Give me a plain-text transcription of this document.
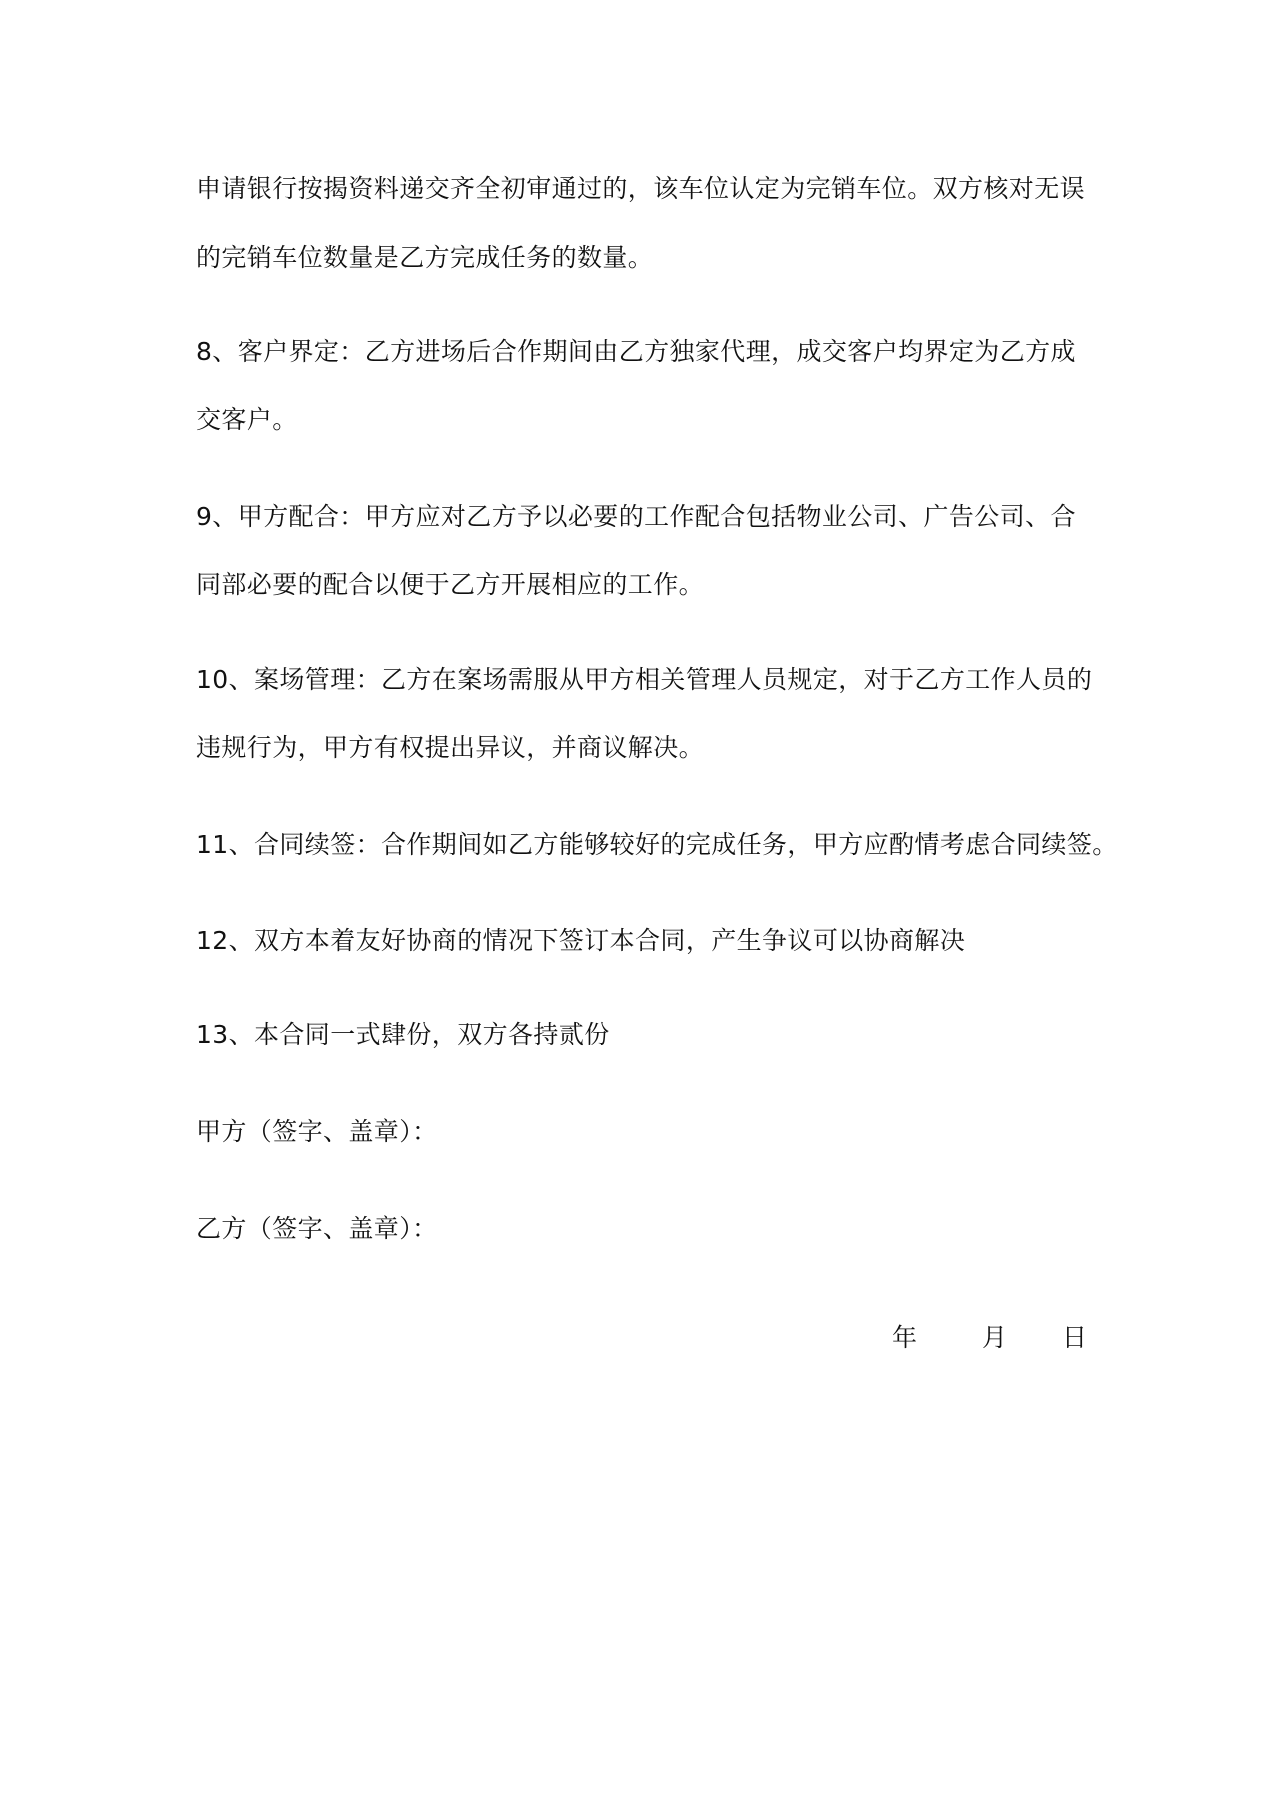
申请银行按揭资料递交齐全初审通过的，该车位认定为完销车位。双方核对无误
的完销车位数量是乙方完成任务的数量。
8、客户界定：乙方进场后合作期间由乙方独家代理，成交客户均界定为乙方成
交客户。
9、甲方配合：甲方应对乙方予以必要的工作配合包括物业公司、广告公司、合
同部必要的配合以便于乙方开展相应的工作。
10、案场管理：乙方在案场需服从甲方相关管理人员规定，对于乙方工作人员的
违规行为，甲方有权提出异议，并商议解决。
11、合同续签：合作期间如乙方能够较好的完成任务，甲方应酌情考虑合同续签。
12、双方本着友好协商的情况下签订本合同，产生争议可以协商解决
13、本合同一式肆份，双方各持贰份
甲方（签字、盖章）：
乙方（签字、盖章）：
年	月 日
